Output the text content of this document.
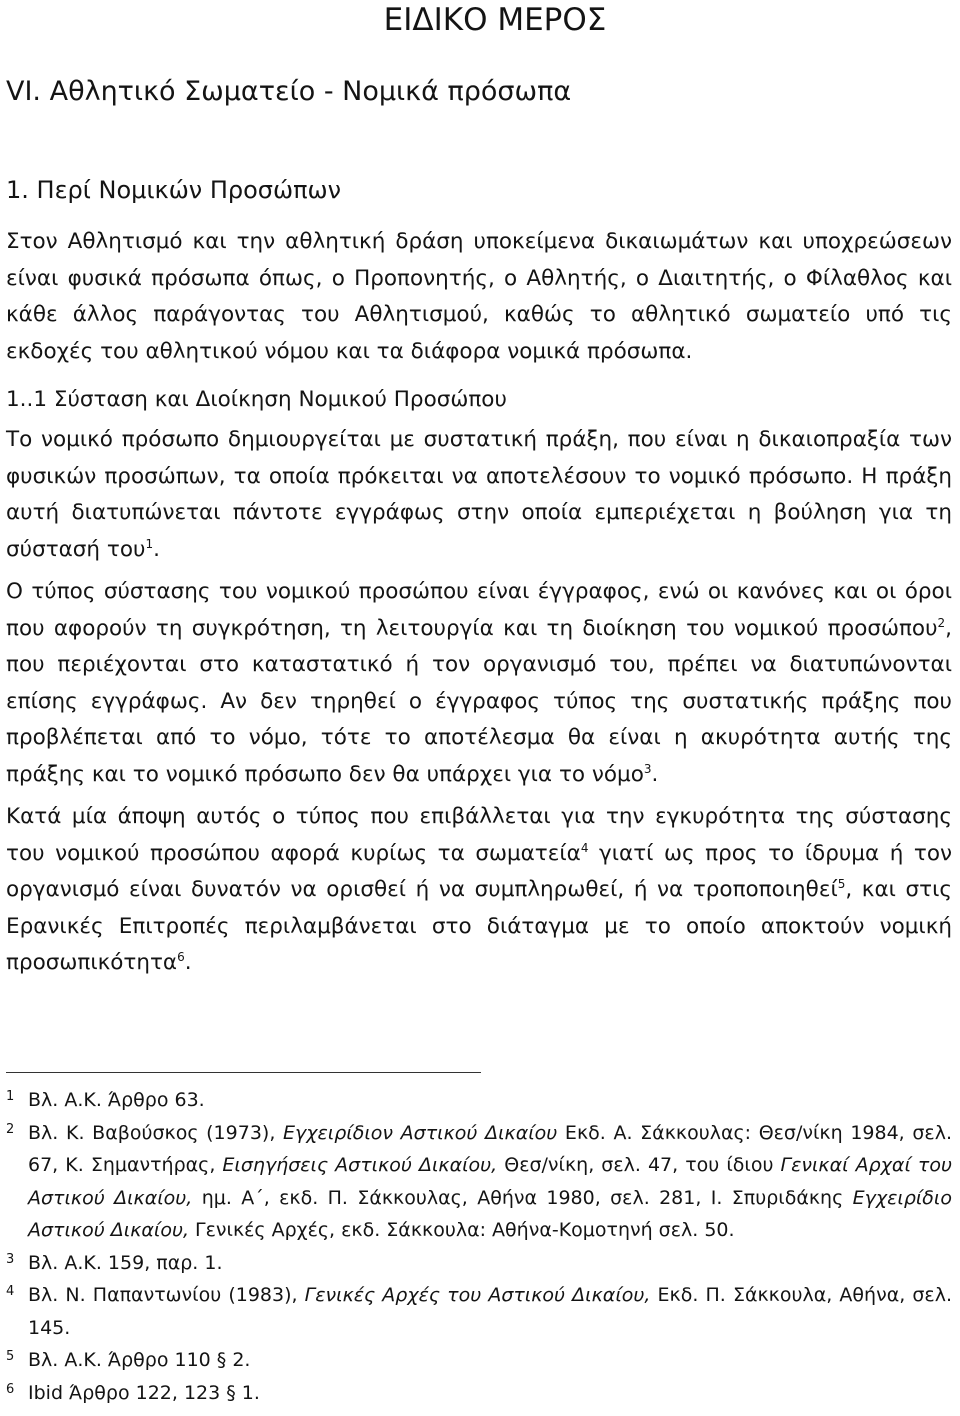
ΕΙΔΙΚΟ ΜΕΡΟΣ
VI. Αθλητικό Σωματείο - Νομικά πρόσωπα
1. Περί Νομικών Προσώπων

Στον Αθλητισμό και την αθλητική δράση υποκείμενα δικαιωμάτων και υποχρεώσεων είναι φυσικά πρόσωπα όπως, ο Προπονητής, ο Αθλητής, ο Διαιτητής, ο Φίλαθλος και κάθε άλλος παράγοντας του Αθλητισμού, καθώς το αθλητικό σωματείο υπό τις εκδοχές του αθλητικού νόμου και τα διάφορα νομικά πρόσωπα.

1..1 Σύσταση και Διοίκηση Νομικού Προσώπου

Το νομικό πρόσωπο δημιουργείται με συστατική πράξη, που είναι η δικαιοπραξία των φυσικών προσώπων, τα οποία πρόκειται να αποτελέσουν το νομικό πρόσωπο. Η πράξη αυτή διατυπώνεται πάντοτε εγγράφως στην οποία εμπεριέχεται η βούληση για τη σύστασή του$^1$.

Ο τύπος σύστασης του νομικού προσώπου είναι έγγραφος, ενώ οι κανόνες και οι όροι που αφορούν τη συγκρότηση, τη λειτουργία και τη διοίκηση του νομικού προσώπου$^2$, που περιέχονται στο καταστατικό ή τον οργανισμό του, πρέπει να διατυπώνονται επίσης εγγράφως. Αν δεν τηρηθεί ο έγγραφος τύπος της συστατικής πράξης που προβλέπεται από το νόμο, τότε το αποτέλεσμα θα είναι η ακυρότητα αυτής της πράξης και το νομικό πρόσωπο δεν θα υπάρχει για το νόμο$^3$.

Κατά μία άποψη αυτός ο τύπος που επιβάλλεται για την εγκυρότητα της σύστασης του νομικού προσώπου αφορά κυρίως τα σωματεία$^4$ γιατί ως προς το ίδρυμα ή τον οργανισμό είναι δυνατόν να ορισθεί ή να συμπληρωθεί, ή να τροποποιηθεί$^5$, και στις Ερανικές Επιτροπές περιλαμβάνεται στο διάταγμα με το οποίο αποκτούν νομική προσωπικότητα$^6$.

1 Βλ. Α.Κ. Άρθρο 63.

2 Βλ. Κ. Βαβούσκος (1973), Εγχειρίδιον Αστικού Δικαίου Εκδ. Α. Σάκκουλας: Θεσ/νίκη 1984, σελ. 67, Κ. Σημαντήρας, Εισηγήσεις Αστικού Δικαίου, Θεσ/νίκη, σελ. 47, του ίδιου Γενικαί Αρχαί του Αστικού Δικαίου, ημ. Α΄, εκδ. Π. Σάκκουλας, Αθήνα 1980, σελ. 281, Ι. Σπυριδάκης Εγχειρίδιο Αστικού Δικαίου, Γενικές Αρχές, εκδ. Σάκκουλα: Αθήνα-Κομοτηνή σελ. 50.

3 Βλ. Α.Κ. 159, παρ. 1.

4 Βλ. Ν. Παπαντωνίου (1983), Γενικές Αρχές του Αστικού Δικαίου, Εκδ. Π. Σάκκουλα, Αθήνα, σελ. 145.

5 Βλ. Α.Κ. Άρθρο 110 § 2.

6 Ibid Άρθρο 122, 123 § 1.
